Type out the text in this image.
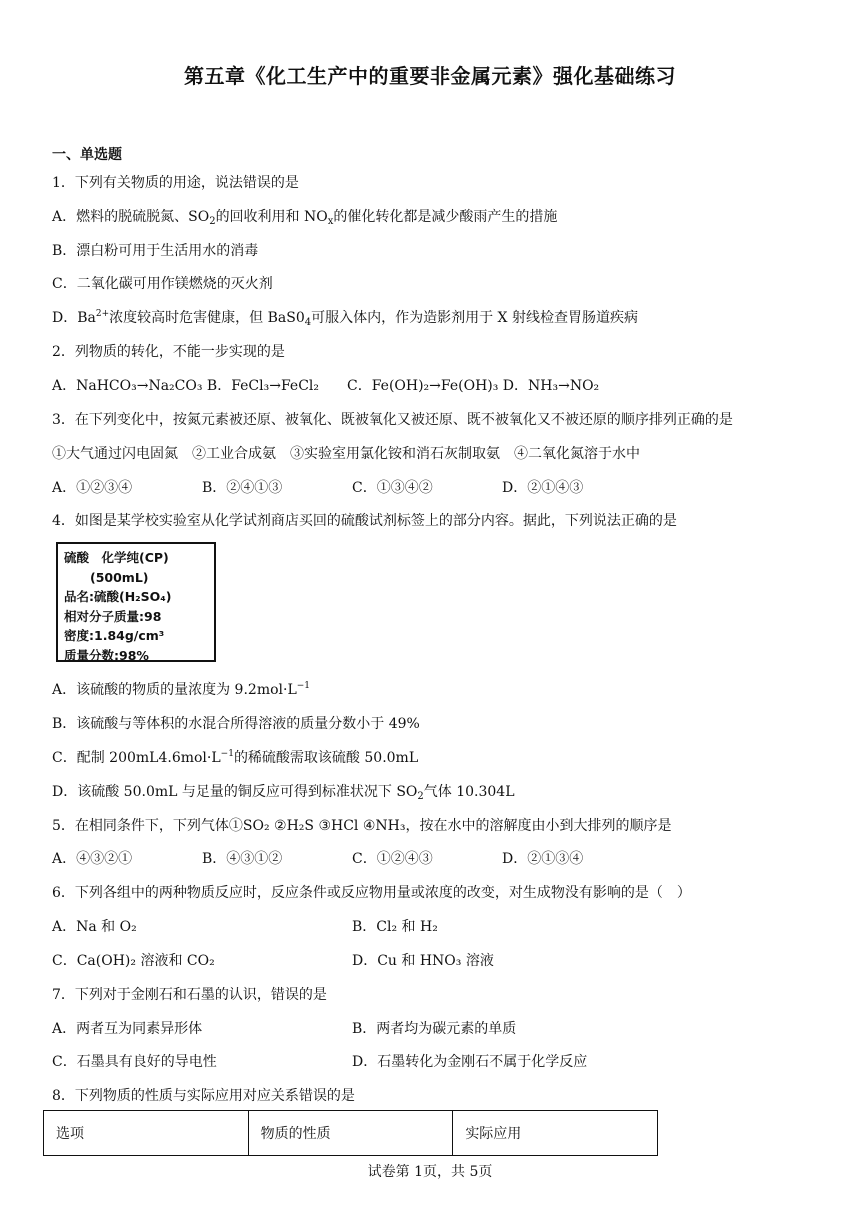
第五章《化工生产中的重要非金属元素》强化基础练习
一、单选题
1．下列有关物质的用途，说法错误的是
A．燃料的脱硫脱氮、$SO_2$的回收利用和 $NO_x$的催化转化都是减少酸雨产生的措施
B．漂白粉可用于生活用水的消毒
C．二氧化碳可用作镁燃烧的灭火剂
D．$Ba^{2+}$浓度较高时危害健康，但 $BaS0_4$可服入体内，作为造影剂用于 X 射线检查胃肠道疾病
2．列物质的转化，不能一步实现的是
A．NaHCO₃→Na₂CO₃ B．FeCl₃→FeCl₂　　C．Fe(OH)₂→Fe(OH)₃ D．NH₃→NO₂
3．在下列变化中，按氮元素被还原、被氧化、既被氧化又被还原、既不被氧化又不被还原的顺序排列正确的是
①大气通过闪电固氮　②工业合成氨　③实验室用氯化铵和消石灰制取氨　④二氧化氮溶于水中
A．①②③④	B．②④①③	C．①③④②	D．②①④③
4．如图是某学校实验室从化学试剂商店买回的硫酸试剂标签上的部分内容。据此，下列说法正确的是
硫酸　化学纯(CP)
(500mL)
品名:硫酸(H₂SO₄)
相对分子质量:98
密度:1.84g/cm³
质量分数:98%
A．该硫酸的物质的量浓度为 $9.2mol\cdot L^{-1}$
B．该硫酸与等体积的水混合所得溶液的质量分数小于 49%
C．配制 $200mL4.6mol\cdot L^{-1}$的稀硫酸需取该硫酸 50.0mL
D．该硫酸 50.0mL 与足量的铜反应可得到标准状况下 $SO_2$气体 10.304L
5．在相同条件下，下列气体①SO₂ ②H₂S ③HCl ④NH₃，按在水中的溶解度由小到大排列的顺序是
A．④③②①	B．④③①②	C．①②④③	D．②①③④
6．下列各组中的两种物质反应时，反应条件或反应物用量或浓度的改变，对生成物没有影响的是（　）
A．Na 和 O₂	B．Cl₂ 和 H₂
C．Ca(OH)₂ 溶液和 CO₂	D．Cu 和 HNO₃ 溶液
7．下列对于金刚石和石墨的认识，错误的是
A．两者互为同素异形体	B．两者均为碳元素的单质
C．石墨具有良好的导电性	D．石墨转化为金刚石不属于化学反应
8．下列物质的性质与实际应用对应关系错误的是
选项	物质的性质	实际应用
试卷第 1页，共 5页
